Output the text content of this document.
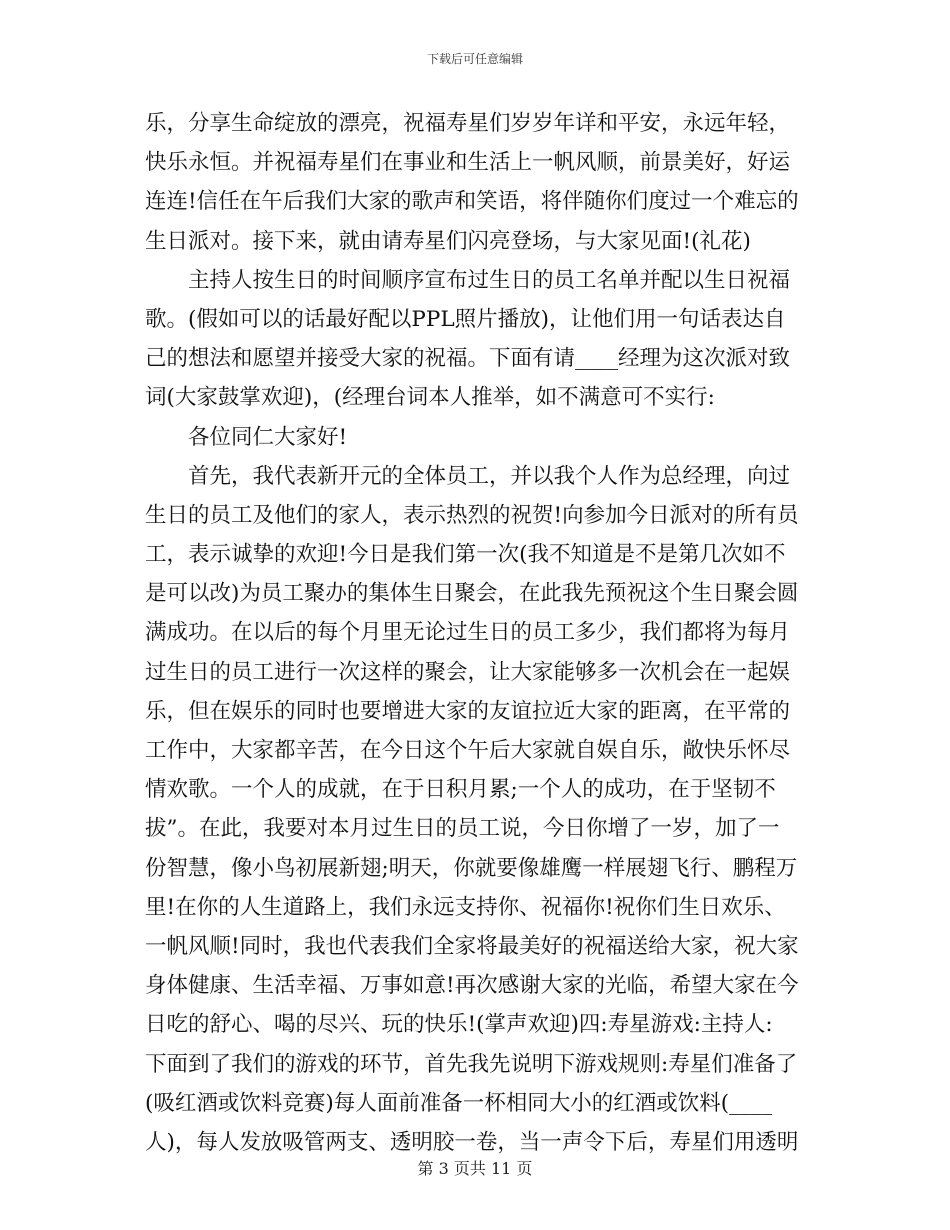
下载后可任意编辑
乐，分享生命绽放的漂亮，祝福寿星们岁岁年详和平安，永远年轻，
快乐永恒。并祝福寿星们在事业和生活上一帆风顺，前景美好，好运
连连!信任在午后我们大家的歌声和笑语，将伴随你们度过一个难忘的
生日派对。接下来，就由请寿星们闪亮登场，与大家见面!(礼花)
主持人按生日的时间顺序宣布过生日的员工名单并配以生日祝福
歌。(假如可以的话最好配以PPL照片播放)，让他们用一句话表达自
己的想法和愿望并接受大家的祝福。下面有请____经理为这次派对致
词(大家鼓掌欢迎)，(经理台词本人推举，如不满意可不实行:
各位同仁大家好!
首先，我代表新开元的全体员工，并以我个人作为总经理，向过
生日的员工及他们的家人，表示热烈的祝贺!向参加今日派对的所有员
工，表示诚挚的欢迎!今日是我们第一次(我不知道是不是第几次如不
是可以改)为员工聚办的集体生日聚会，在此我先预祝这个生日聚会圆
满成功。在以后的每个月里无论过生日的员工多少，我们都将为每月
过生日的员工进行一次这样的聚会，让大家能够多一次机会在一起娱
乐，但在娱乐的同时也要增进大家的友谊拉近大家的距离，在平常的
工作中，大家都辛苦，在今日这个午后大家就自娱自乐，敞快乐怀尽
情欢歌。一个人的成就，在于日积月累;一个人的成功，在于坚韧不
拔”。在此，我要对本月过生日的员工说，今日你增了一岁，加了一
份智慧，像小鸟初展新翅;明天，你就要像雄鹰一样展翅飞行、鹏程万
里!在你的人生道路上，我们永远支持你、祝福你!祝你们生日欢乐、
一帆风顺!同时，我也代表我们全家将最美好的祝福送给大家，祝大家
身体健康、生活幸福、万事如意!再次感谢大家的光临，希望大家在今
日吃的舒心、喝的尽兴、玩的快乐!(掌声欢迎)四:寿星游戏:主持人:
下面到了我们的游戏的环节，首先我先说明下游戏规则:寿星们准备了
(吸红酒或饮料竞赛)每人面前准备一杯相同大小的红酒或饮料(____
人)，每人发放吸管两支、透明胶一卷，当一声令下后，寿星们用透明
第 3 页共 11 页
